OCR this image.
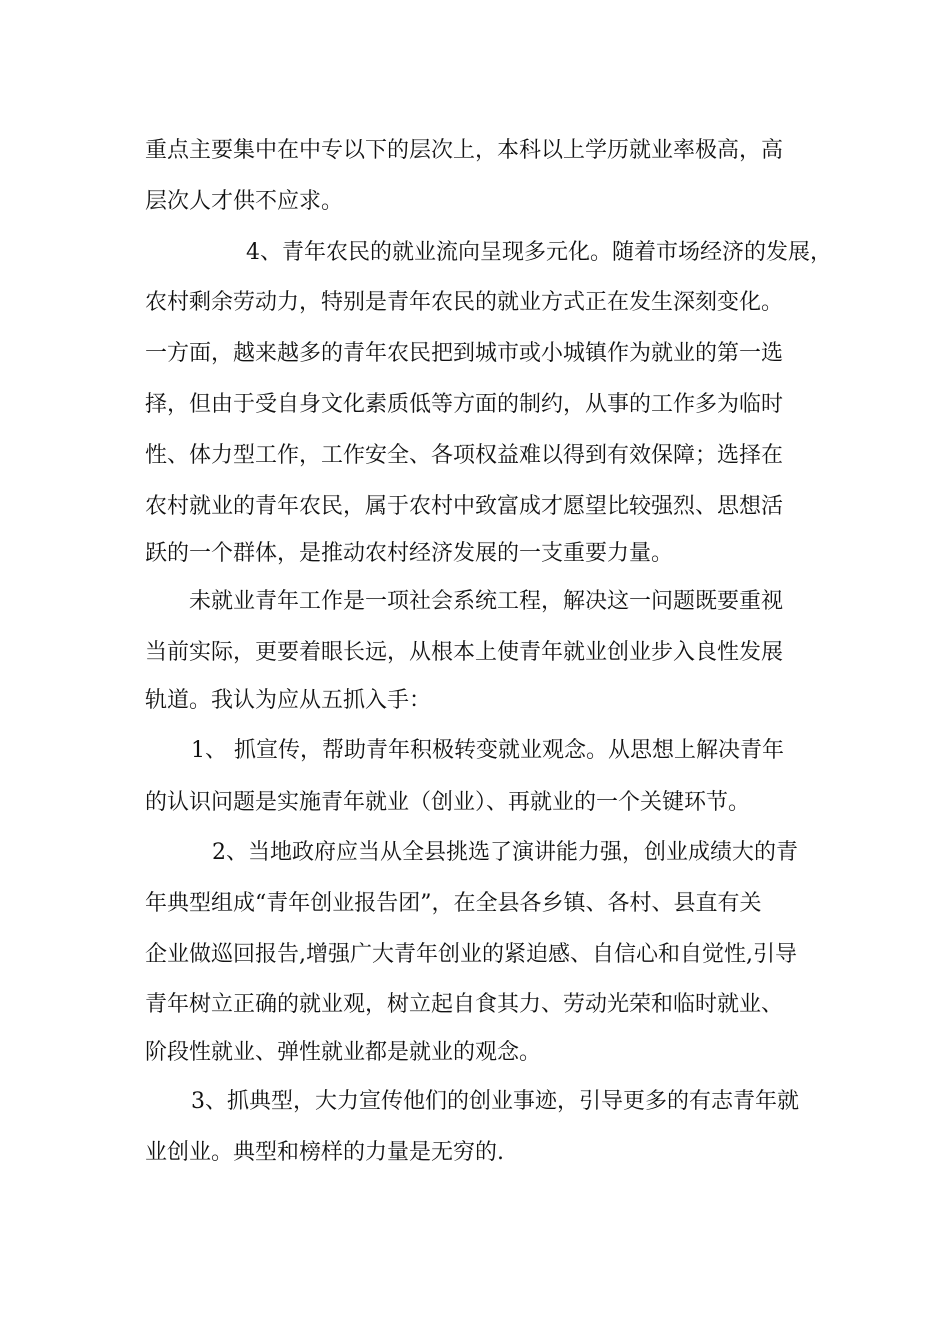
重点主要集中在中专以下的层次上，本科以上学历就业率极高，高
层次人才供不应求。
4、青年农民的就业流向呈现多元化。随着市场经济的发展，
农村剩余劳动力，特别是青年农民的就业方式正在发生深刻变化。
一方面，越来越多的青年农民把到城市或小城镇作为就业的第一选
择，但由于受自身文化素质低等方面的制约，从事的工作多为临时
性、体力型工作，工作安全、各项权益难以得到有效保障；选择在
农村就业的青年农民，属于农村中致富成才愿望比较强烈、思想活
跃的一个群体，是推动农村经济发展的一支重要力量。
未就业青年工作是一项社会系统工程，解决这一问题既要重视
当前实际，更要着眼长远，从根本上使青年就业创业步入良性发展
轨道。我认为应从五抓入手：
1、 抓宣传，帮助青年积极转变就业观念。从思想上解决青年
的认识问题是实施青年就业（创业）、再就业的一个关键环节。
2、当地政府应当从全县挑选了演讲能力强，创业成绩大的青
年典型组成“青年创业报告团”，在全县各乡镇、各村、县直有关
企业做巡回报告,增强广大青年创业的紧迫感、自信心和自觉性,引导
青年树立正确的就业观，树立起自食其力、劳动光荣和临时就业、
阶段性就业、弹性就业都是就业的观念。
3、抓典型，大力宣传他们的创业事迹，引导更多的有志青年就
业创业。典型和榜样的力量是无穷的.
